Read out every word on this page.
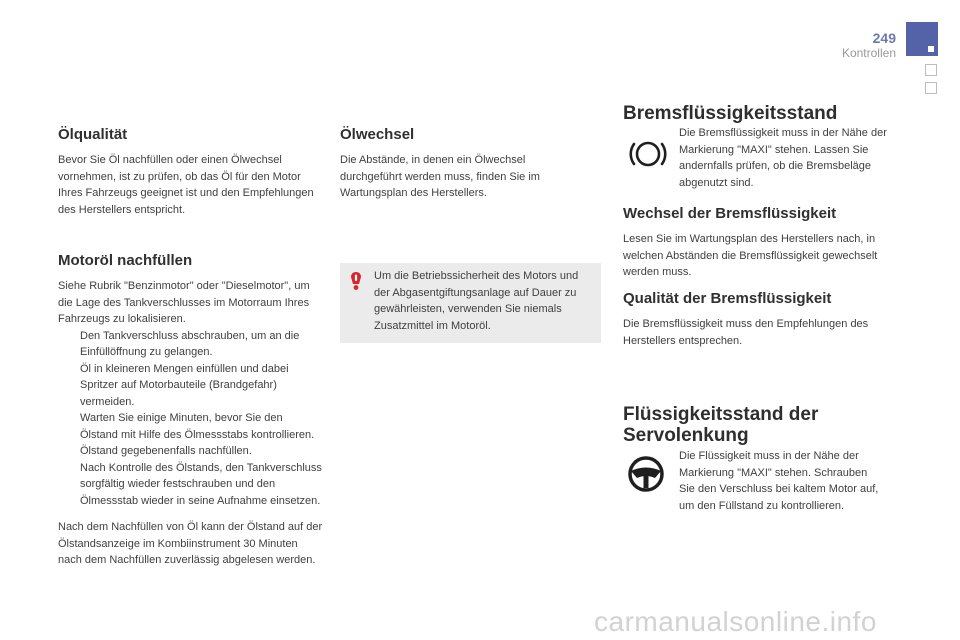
249
Kontrollen
Ölqualität

Bevor Sie Öl nachfüllen oder einen Ölwechsel vornehmen, ist zu prüfen, ob das Öl für den Motor Ihres Fahrzeugs geeignet ist und den Empfehlungen des Herstellers entspricht.

Motoröl nachfüllen

Siehe Rubrik "Benzinmotor" oder "Dieselmotor", um die Lage des Tankverschlusses im Motorraum Ihres Fahrzeugs zu lokalisieren.

Den Tankverschluss abschrauben, um an die Einfüllöffnung zu gelangen.
Öl in kleineren Mengen einfüllen und dabei Spritzer auf Motorbauteile (Brandgefahr) vermeiden.
Warten Sie einige Minuten, bevor Sie den Ölstand mit Hilfe des Ölmessstabs kontrollieren.
Ölstand gegebenenfalls nachfüllen.
Nach Kontrolle des Ölstands, den Tankverschluss sorgfältig wieder festschrauben und den Ölmessstab wieder in seine Aufnahme einsetzen.

Nach dem Nachfüllen von Öl kann der Ölstand auf der Ölstandsanzeige im Kombiinstrument 30 Minuten nach dem Nachfüllen zuverlässig abgelesen werden.

Ölwechsel

Die Abstände, in denen ein Ölwechsel durchgeführt werden muss, finden Sie im Wartungsplan des Herstellers.

Um die Betriebssicherheit des Motors und der Abgasentgiftungsanlage auf Dauer zu gewährleisten, verwenden Sie niemals Zusatzmittel im Motoröl.

Bremsflüssigkeitsstand

Die Bremsflüssigkeit muss in der Nähe der Markierung "MAXI" stehen. Lassen Sie andernfalls prüfen, ob die Bremsbeläge abgenutzt sind.

Wechsel der Bremsflüssigkeit

Lesen Sie im Wartungsplan des Herstellers nach, in welchen Abständen die Bremsflüssigkeit gewechselt werden muss.

Qualität der Bremsflüssigkeit

Die Bremsflüssigkeit muss den Empfehlungen des Herstellers entsprechen.

Flüssigkeitsstand der
Servolenkung

Die Flüssigkeit muss in der Nähe der Markierung "MAXI" stehen. Schrauben Sie den Verschluss bei kaltem Motor auf, um den Füllstand zu kontrollieren.

carmanualsonline.info
